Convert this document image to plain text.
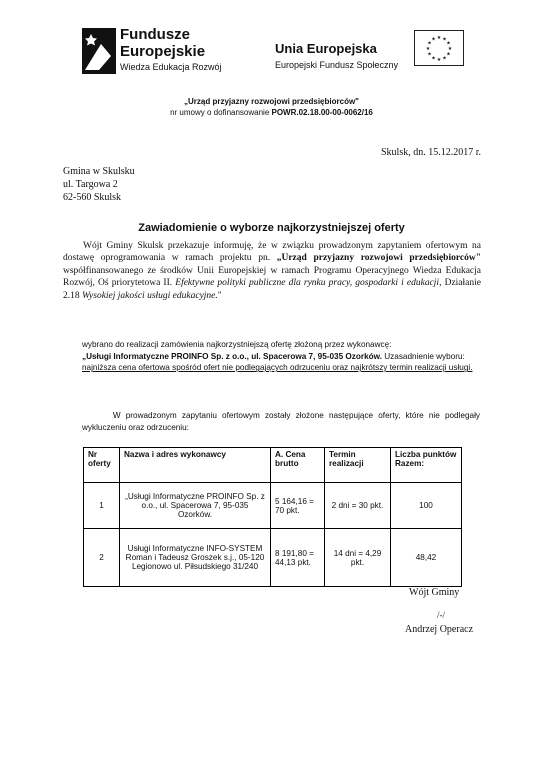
Fundusze
Europejskie
Wiedza Edukacja Rozwój
Unia Europejska
Europejski Fundusz Społeczny
★ ★
★
★
★
★
★
★
★
★
★
★
„Urząd przyjazny rozwojowi przedsiębiorców"
nr umowy o dofinansowanie POWR.02.18.00-00-0062/16
Skulsk, dn. 15.12.2017 r.
Gmina w Skulsku
ul. Targowa 2
62-560 Skulsk
Zawiadomienie o wyborze najkorzystniejszej oferty
Wójt Gminy Skulsk przekazuje informuję, że w związku prowadzonym zapytaniem ofertowym na dostawę oprogramowania w ramach projektu pn. „Urząd przyjazny rozwojowi przedsiębiorców" współfinansowanego ze środków Unii Europejskiej w ramach Programu Operacyjnego Wiedza Edukacja Rozwój, Oś priorytetowa II. Efektywne polityki publiczne dla rynku pracy, gospodarki i edukacji, Działanie 2.18 Wysokiej jakości usługi edukacyjne."
wybrano do realizacji zamówienia najkorzystniejszą ofertę złożoną przez wykonawcę:
„Usługi Informatyczne PROINFO Sp. z o.o., ul. Spacerowa 7, 95-035 Ozorków. Uzasadnienie wyboru: najniższa cena ofertowa spośród ofert nie podlegających odrzuceniu oraz najkrótszy termin realizacji usługi.
W prowadzonym zapytaniu ofertowym zostały złożone następujące oferty, które nie podlegały wykluczeniu oraz odrzuceniu:
Nr oferty	Nazwa i adres wykonawcy	A. Cena brutto	Termin realizacji	Liczba punktów Razem:
1	„Usługi Informatyczne PROINFO Sp. z o.o., ul. Spacerowa 7, 95-035 Ozorków.	5 164,16 = 70 pkt.	2 dni = 30 pkt.	100
2	Usługi Informatyczne INFO-SYSTEM Roman i Tadeusz Groszek s.j., 05-120 Legionowo ul. Piłsudskiego 31/240	8 191,80 = 44,13 pkt.	14 dni = 4,29 pkt.	48,42
Wójt Gminy
/-/
Andrzej Operacz
